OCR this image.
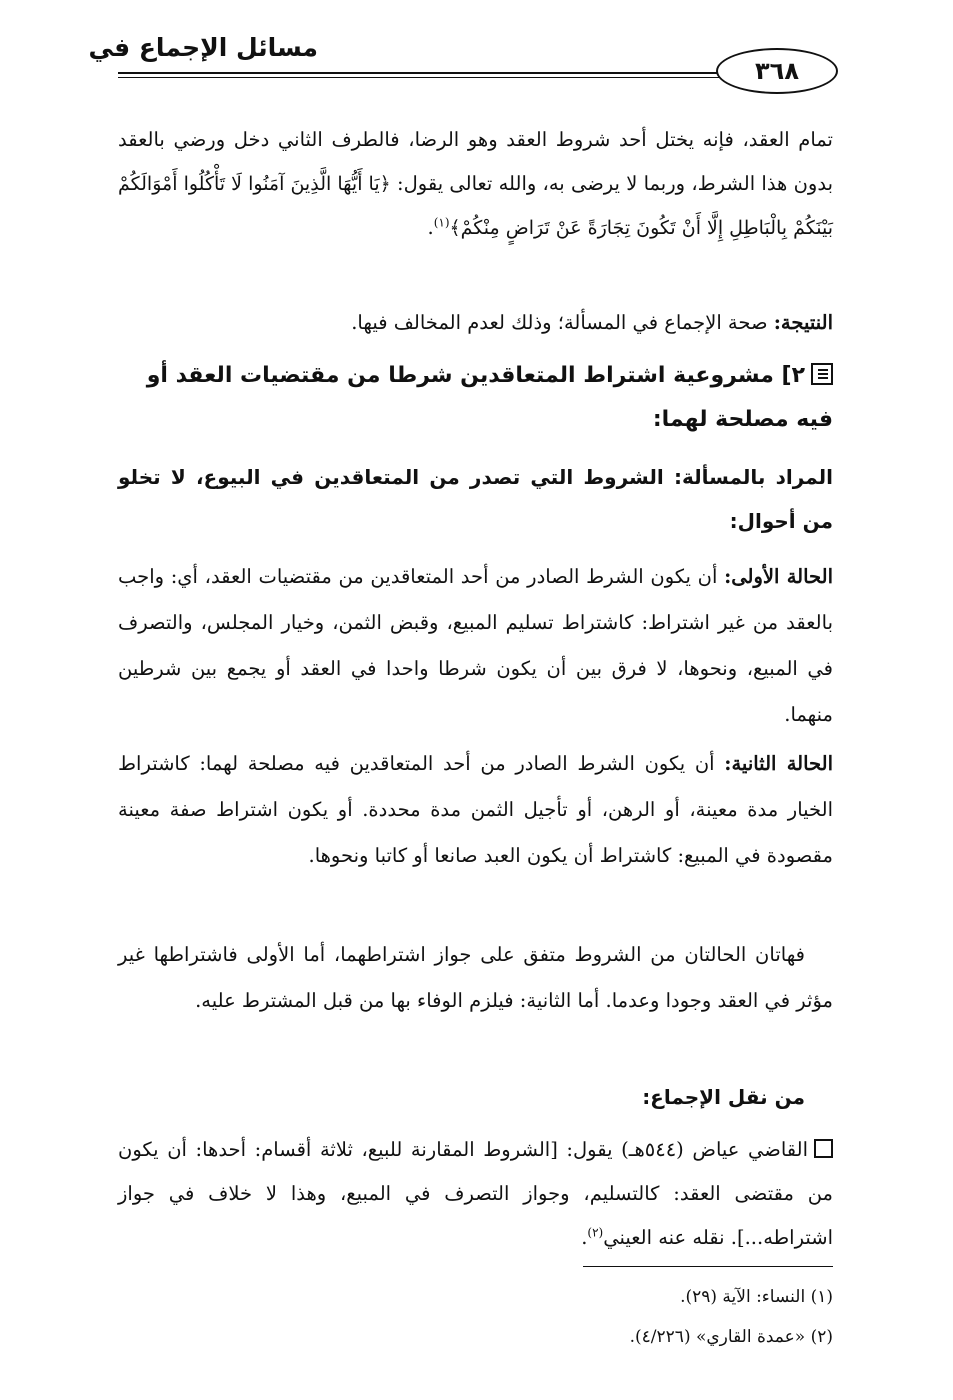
مسائل الإجماع في
٣٦٨
تمام العقد، فإنه يختل أحد شروط العقد وهو الرضا، فالطرف الثاني دخل ورضي بالعقد بدون هذا الشرط، وربما لا يرضى به، والله تعالى يقول: ﴿يَا أَيُّهَا الَّذِينَ آمَنُوا لَا تَأْكُلُوا أَمْوَالَكُمْ بَيْنَكُمْ بِالْبَاطِلِ إِلَّا أَنْ تَكُونَ تِجَارَةً عَنْ تَرَاضٍ مِنْكُمْ﴾$^{(١)}$.
النتيجة: صحة الإجماع في المسألة؛ وذلك لعدم المخالف فيها.
٢] مشروعية اشتراط المتعاقدين شرطا من مقتضيات العقد أو فيه مصلحة لهما:
المراد بالمسألة: الشروط التي تصدر من المتعاقدين في البيوع، لا تخلو من أحوال:
الحالة الأولى: أن يكون الشرط الصادر من أحد المتعاقدين من مقتضيات العقد، أي: واجب بالعقد من غير اشتراط: كاشتراط تسليم المبيع، وقبض الثمن، وخيار المجلس، والتصرف في المبيع، ونحوها، لا فرق بين أن يكون شرطا واحدا في العقد أو يجمع بين شرطين منهما.
الحالة الثانية: أن يكون الشرط الصادر من أحد المتعاقدين فيه مصلحة لهما: كاشتراط الخيار مدة معينة، أو الرهن، أو تأجيل الثمن مدة محددة. أو يكون اشتراط صفة معينة مقصودة في المبيع: كاشتراط أن يكون العبد صانعا أو كاتبا ونحوها.
فهاتان الحالتان من الشروط متفق على جواز اشتراطهما، أما الأولى فاشتراطها غير مؤثر في العقد وجودا وعدما. أما الثانية: فيلزم الوفاء بها من قبل المشترط عليه.
من نقل الإجماع:
القاضي عياض (٥٤٤هـ) يقول: [الشروط المقارنة للبيع، ثلاثة أقسام: أحدها: أن يكون من مقتضى العقد: كالتسليم، وجواز التصرف في المبيع، وهذا لا خلاف في جواز اشتراطه...]. نقله عنه العيني$^{(٢)}$.
(١) النساء: الآية (٢٩).
(٢) «عمدة القاري» (٤/٢٢٦).
